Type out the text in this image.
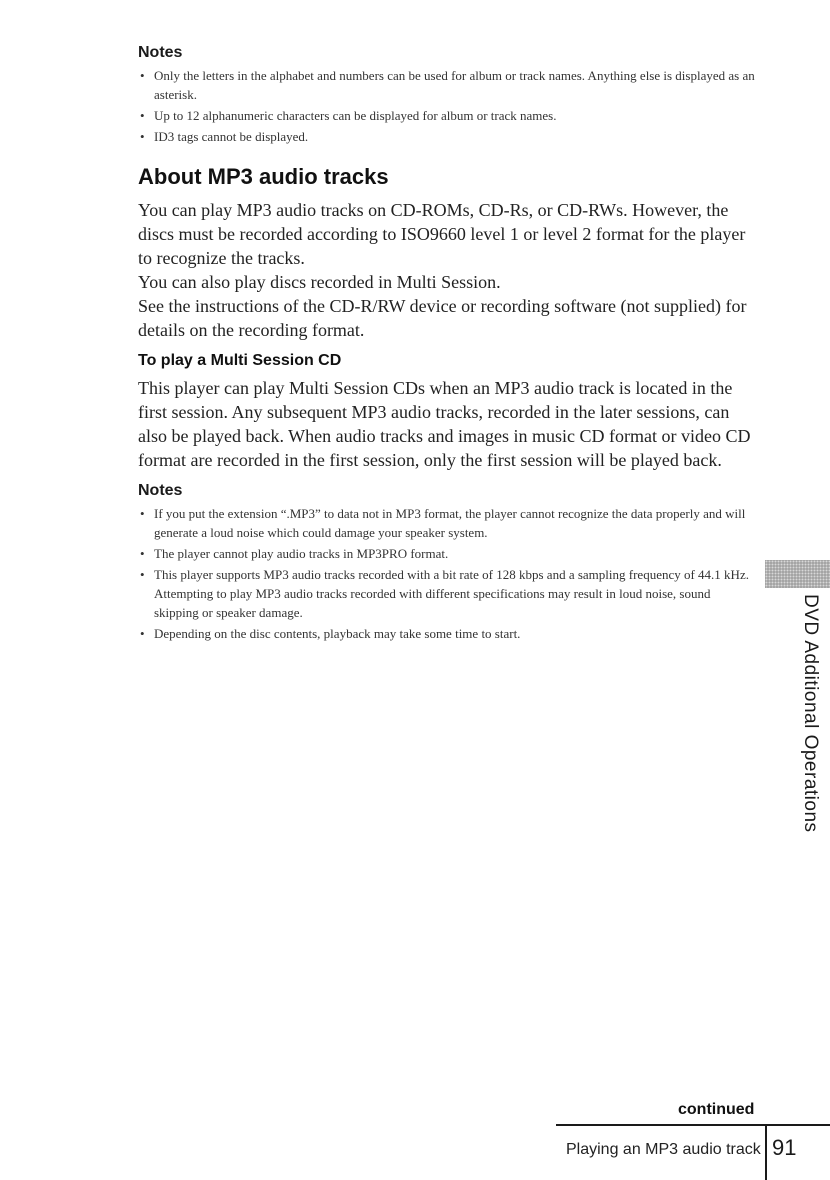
Notes
• Only the letters in the alphabet and numbers can be used for album or track names. Anything else is displayed as an asterisk.
• Up to 12 alphanumeric characters can be displayed for album or track names.
• ID3 tags cannot be displayed.
About MP3 audio tracks

You can play MP3 audio tracks on CD-ROMs, CD-Rs, or CD-RWs. However, the discs must be recorded according to ISO9660 level 1 or level 2 format for the player to recognize the tracks.

You can also play discs recorded in Multi Session.

See the instructions of the CD-R/RW device or recording software (not supplied) for details on the recording format.

To play a Multi Session CD

This player can play Multi Session CDs when an MP3 audio track is located in the first session. Any subsequent MP3 audio tracks, recorded in the later sessions, can also be played back. When audio tracks and images in music CD format or video CD format are recorded in the first session, only the first session will be played back.

Notes
• If you put the extension “.MP3” to data not in MP3 format, the player cannot recognize the data properly and will generate a loud noise which could damage your speaker system.
• The player cannot play audio tracks in MP3PRO format.
• This player supports MP3 audio tracks recorded with a bit rate of 128 kbps and a sampling frequency of 44.1 kHz. Attempting to play MP3 audio tracks recorded with different specifications may result in loud noise, sound skipping or speaker damage.
• Depending on the disc contents, playback may take some time to start.	DVD Additional Operations
continued
Playing an MP3 audio track 91
